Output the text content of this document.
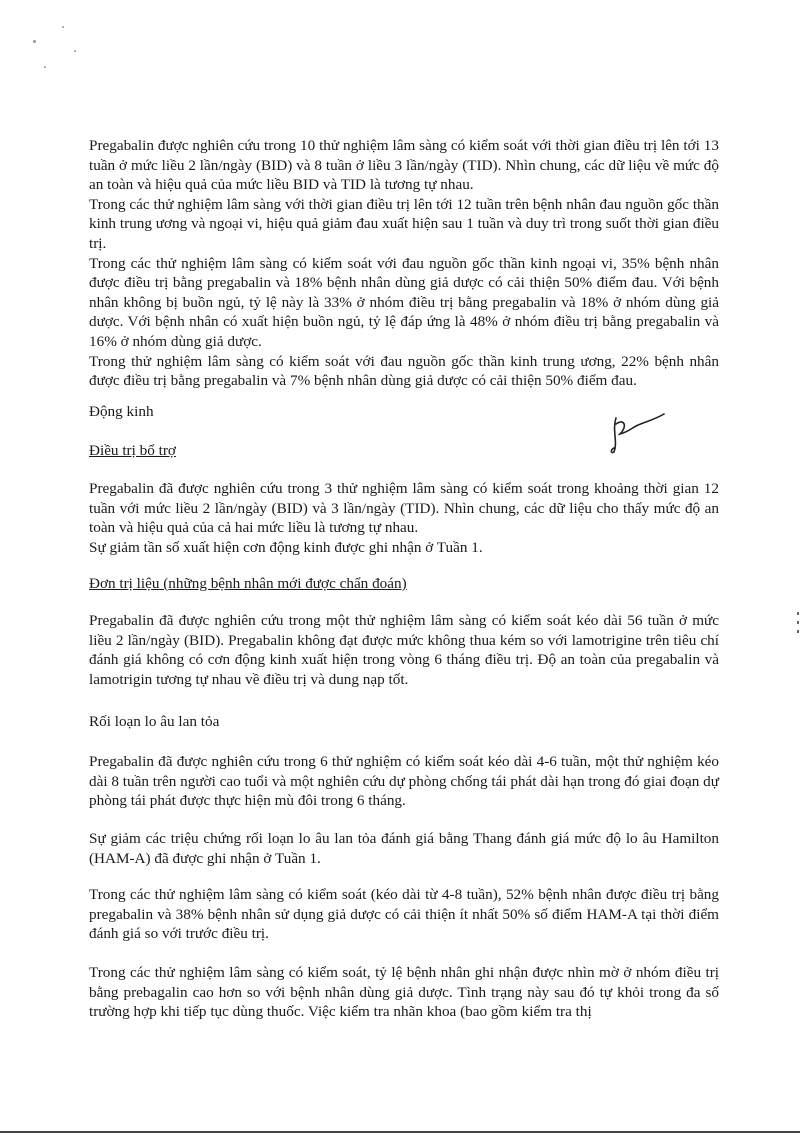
Pregabalin được nghiên cứu trong 10 thử nghiệm lâm sàng có kiểm soát với thời gian điều trị lên tới 13 tuần ở mức liều 2 lần/ngày (BID) và 8 tuần ở liều 3 lần/ngày (TID). Nhìn chung, các dữ liệu về mức độ an toàn và hiệu quả của mức liều BID và TID là tương tự nhau.

Trong các thử nghiệm lâm sàng với thời gian điều trị lên tới 12 tuần trên bệnh nhân đau nguồn gốc thần kinh trung ương và ngoại vi, hiệu quả giảm đau xuất hiện sau 1 tuần và duy trì trong suốt thời gian điều trị.

Trong các thử nghiệm lâm sàng có kiểm soát với đau nguồn gốc thần kinh ngoại vi, 35% bệnh nhân được điều trị bằng pregabalin và 18% bệnh nhân dùng giả dược có cải thiện 50% điểm đau. Với bệnh nhân không bị buồn ngủ, tỷ lệ này là 33% ở nhóm điều trị bằng pregabalin và 18% ở nhóm dùng giả dược. Với bệnh nhân có xuất hiện buồn ngủ, tỷ lệ đáp ứng là 48% ở nhóm điều trị bằng pregabalin và 16% ở nhóm dùng giả dược.

Trong thử nghiệm lâm sàng có kiểm soát với đau nguồn gốc thần kinh trung ương, 22% bệnh nhân được điều trị bằng pregabalin và 7% bệnh nhân dùng giả dược có cải thiện 50% điểm đau.

Động kinh
Điều trị bổ trợ

Pregabalin đã được nghiên cứu trong 3 thử nghiệm lâm sàng có kiểm soát trong khoảng thời gian 12 tuần với mức liều 2 lần/ngày (BID) và 3 lần/ngày (TID). Nhìn chung, các dữ liệu cho thấy mức độ an toàn và hiệu quả của cả hai mức liều là tương tự nhau.

Sự giảm tần số xuất hiện cơn động kinh được ghi nhận ở Tuần 1.

Đơn trị liệu (những bệnh nhân mới được chẩn đoán)

Pregabalin đã được nghiên cứu trong một thử nghiệm lâm sàng có kiểm soát kéo dài 56 tuần ở mức liều 2 lần/ngày (BID). Pregabalin không đạt được mức không thua kém so với lamotrigine trên tiêu chí đánh giá không có cơn động kinh xuất hiện trong vòng 6 tháng điều trị. Độ an toàn của pregabalin và lamotrigin tương tự nhau về điều trị và dung nạp tốt.

Rối loạn lo âu lan tỏa

Pregabalin đã được nghiên cứu trong 6 thử nghiệm có kiểm soát kéo dài 4-6 tuần, một thử nghiệm kéo dài 8 tuần trên người cao tuổi và một nghiên cứu dự phòng chống tái phát dài hạn trong đó giai đoạn dự phòng tái phát được thực hiện mù đôi trong 6 tháng.

Sự giảm các triệu chứng rối loạn lo âu lan tỏa đánh giá bằng Thang đánh giá mức độ lo âu Hamilton (HAM-A) đã được ghi nhận ở Tuần 1.

Trong các thử nghiệm lâm sàng có kiểm soát (kéo dài từ 4-8 tuần), 52% bệnh nhân được điều trị bằng pregabalin và 38% bệnh nhân sử dụng giả dược có cải thiện ít nhất 50% số điểm HAM-A tại thời điểm đánh giá so với trước điều trị.

Trong các thử nghiệm lâm sàng có kiểm soát, tỷ lệ bệnh nhân ghi nhận được nhìn mờ ở nhóm điều trị bằng prebagalin cao hơn so với bệnh nhân dùng giả dược. Tình trạng này sau đó tự khỏi trong đa số trường hợp khi tiếp tục dùng thuốc. Việc kiểm tra nhãn khoa (bao gồm kiểm tra thị
